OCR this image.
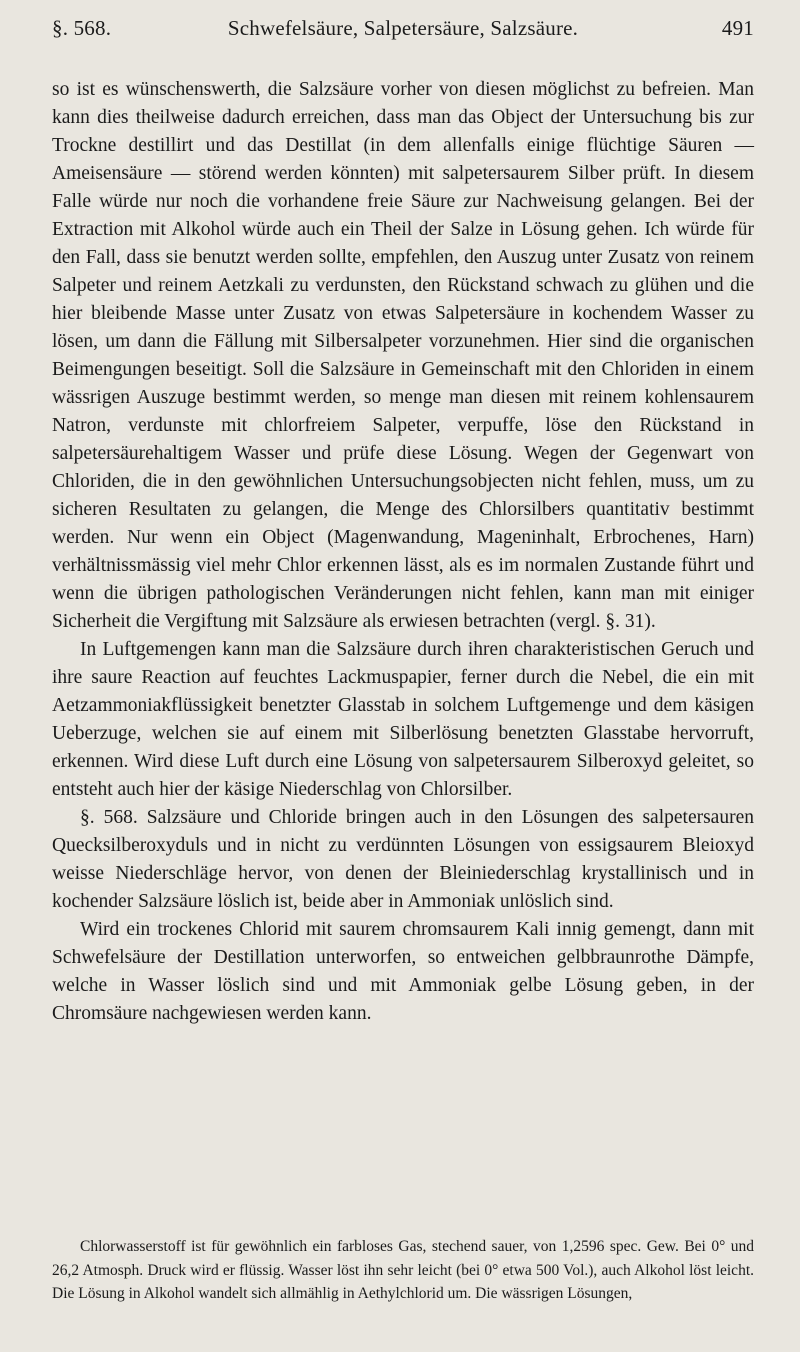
§. 568.	Schwefelsäure, Salpetersäure, Salzsäure.	491

so ist es wünschenswerth, die Salzsäure vorher von diesen möglichst zu befreien. Man kann dies theilweise dadurch erreichen, dass man das Object der Untersuchung bis zur Trockne destillirt und das Destillat (in dem allenfalls einige flüchtige Säuren — Ameisensäure — störend werden könnten) mit salpetersaurem Silber prüft. In diesem Falle würde nur noch die vorhandene freie Säure zur Nachweisung gelangen. Bei der Extraction mit Alkohol würde auch ein Theil der Salze in Lösung gehen. Ich würde für den Fall, dass sie benutzt werden sollte, empfehlen, den Auszug unter Zusatz von reinem Salpeter und reinem Aetzkali zu verdunsten, den Rückstand schwach zu glühen und die hier bleibende Masse unter Zusatz von etwas Salpetersäure in kochendem Wasser zu lösen, um dann die Fällung mit Silbersalpeter vorzunehmen. Hier sind die organischen Beimengungen beseitigt. Soll die Salzsäure in Gemeinschaft mit den Chloriden in einem wässrigen Auszuge bestimmt werden, so menge man diesen mit reinem kohlensaurem Natron, verdunste mit chlorfreiem Salpeter, verpuffe, löse den Rückstand in salpetersäurehaltigem Wasser und prüfe diese Lösung. Wegen der Gegenwart von Chloriden, die in den gewöhnlichen Untersuchungsobjecten nicht fehlen, muss, um zu sicheren Resultaten zu gelangen, die Menge des Chlorsilbers quantitativ bestimmt werden. Nur wenn ein Object (Magenwandung, Mageninhalt, Erbrochenes, Harn) verhältnissmässig viel mehr Chlor erkennen lässt, als es im normalen Zustande führt und wenn die übrigen pathologischen Veränderungen nicht fehlen, kann man mit einiger Sicherheit die Vergiftung mit Salzsäure als erwiesen betrachten (vergl. §. 31).

In Luftgemengen kann man die Salzsäure durch ihren charakteristischen Geruch und ihre saure Reaction auf feuchtes Lackmuspapier, ferner durch die Nebel, die ein mit Aetzammoniakflüssigkeit benetzter Glasstab in solchem Luftgemenge und dem käsigen Ueberzuge, welchen sie auf einem mit Silberlösung benetzten Glasstabe hervorruft, erkennen. Wird diese Luft durch eine Lösung von salpetersaurem Silberoxyd geleitet, so entsteht auch hier der käsige Niederschlag von Chlorsilber.

§. 568. Salzsäure und Chloride bringen auch in den Lösungen des salpetersauren Quecksilberoxyduls und in nicht zu verdünnten Lösungen von essigsaurem Bleioxyd weisse Niederschläge hervor, von denen der Bleiniederschlag krystallinisch und in kochender Salzsäure löslich ist, beide aber in Ammoniak unlöslich sind.

Wird ein trockenes Chlorid mit saurem chromsaurem Kali innig gemengt, dann mit Schwefelsäure der Destillation unterworfen, so entweichen gelbbraunrothe Dämpfe, welche in Wasser löslich sind und mit Ammoniak gelbe Lösung geben, in der Chromsäure nachgewiesen werden kann.

Chlorwasserstoff ist für gewöhnlich ein farbloses Gas, stechend sauer, von 1,2596 spec. Gew. Bei 0° und 26,2 Atmosph. Druck wird er flüssig. Wasser löst ihn sehr leicht (bei 0° etwa 500 Vol.), auch Alkohol löst leicht. Die Lösung in Alkohol wandelt sich allmählig in Aethylchlorid um. Die wässrigen Lösungen,
